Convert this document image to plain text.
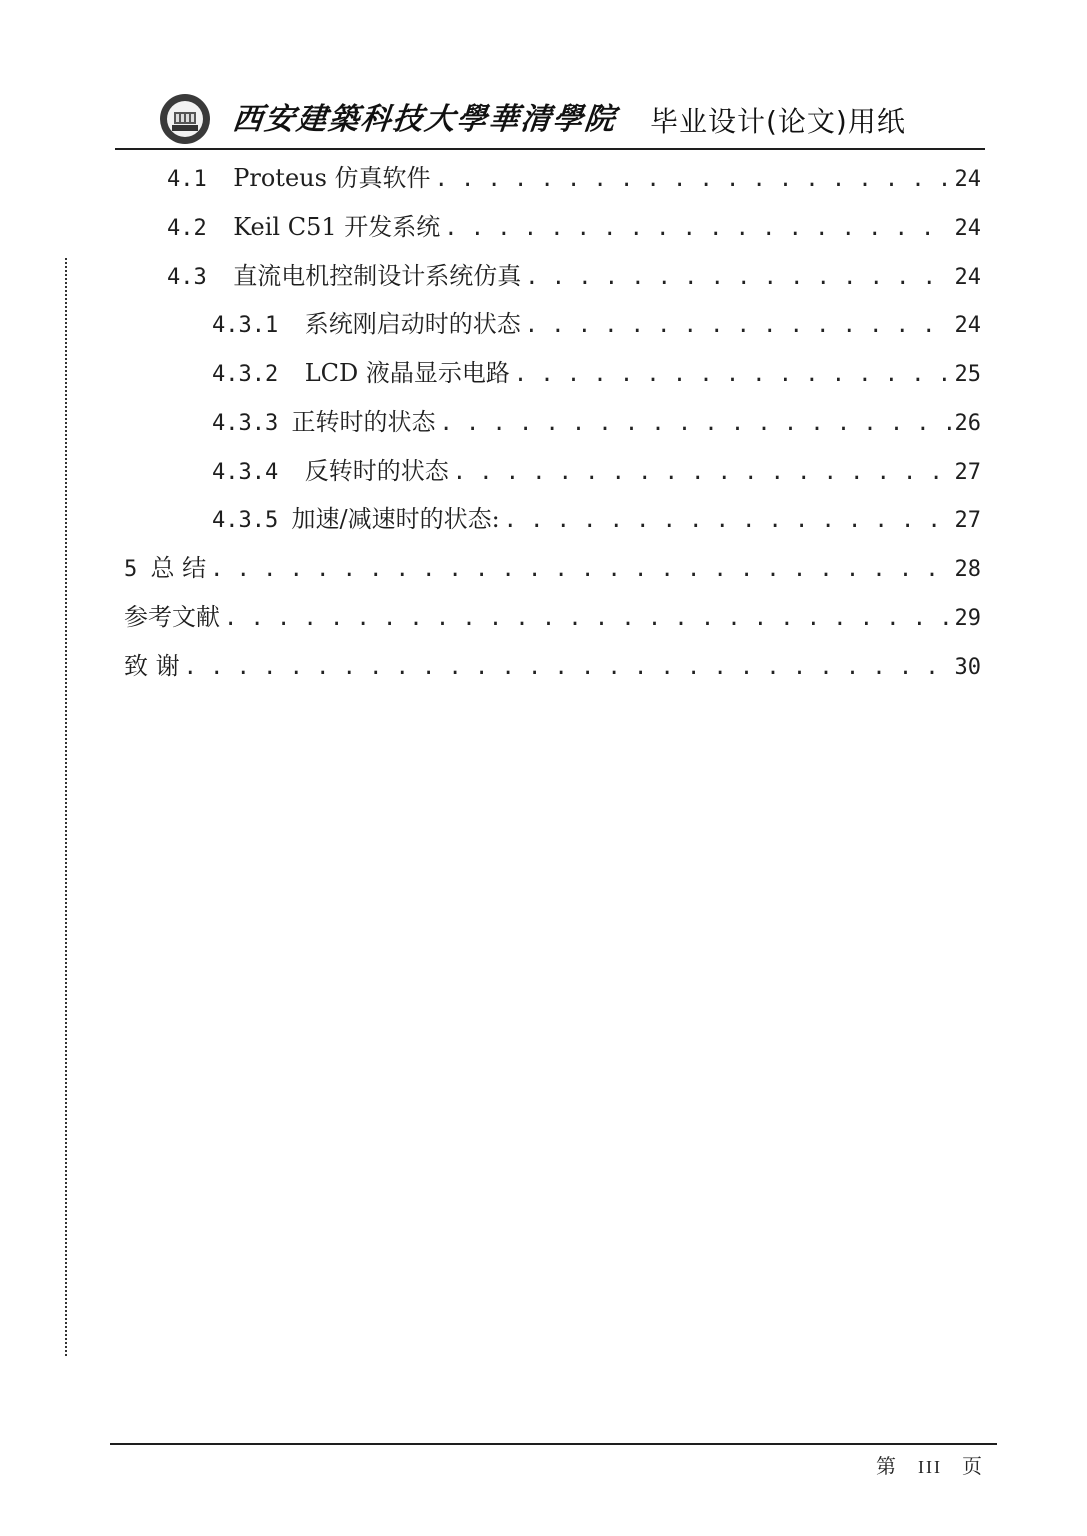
西安建築科技大學華清學院 毕业设计(论文)用纸
4.1 Proteus 仿真软件 . . .	24
4.2 Keil C51 开发系统 . . .	24
4.3 直流电机控制设计系统仿真 . . .	24
4.3.1 系统刚启动时的状态 . . .	24
4.3.2 LCD 液晶显示电路 . . .	25
4.3.3 正转时的状态 . . .	26
4.3.4 反转时的状态 . . .	27
4.3.5 加速/减速时的状态: . . .	27
5 总 结 . . .	28
参考文献 . . .	29
致 谢 . . .	30
第 III 页
